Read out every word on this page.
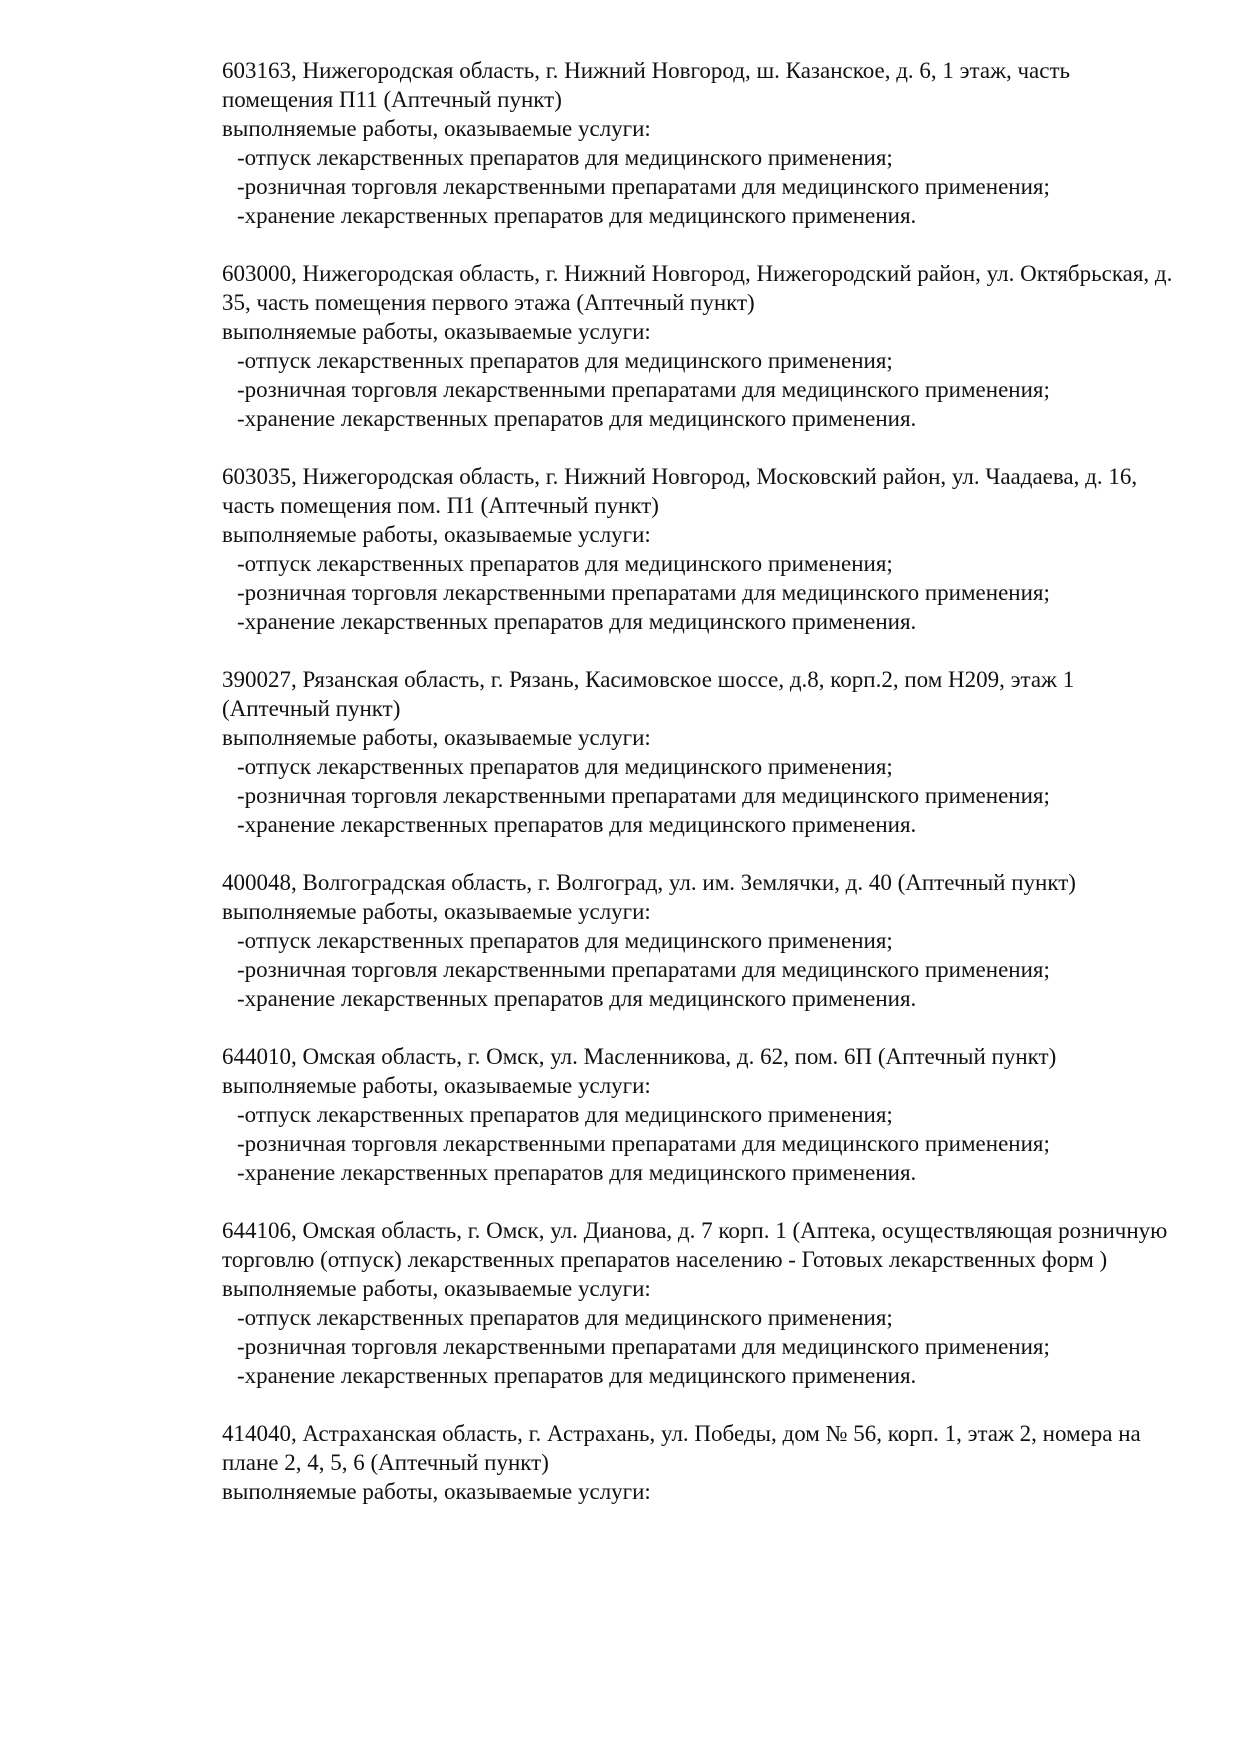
603163, Нижегородская область, г. Нижний Новгород, ш. Казанское, д. 6, 1 этаж, часть помещения П11 (Аптечный пункт)
выполняемые работы, оказываемые услуги:
-отпуск лекарственных препаратов для медицинского применения;
-розничная торговля лекарственными препаратами для медицинского применения;
-хранение лекарственных препаратов для медицинского применения.
603000, Нижегородская область, г. Нижний Новгород, Нижегородский район, ул. Октябрьская, д. 35, часть помещения первого этажа (Аптечный пункт)
выполняемые работы, оказываемые услуги:
-отпуск лекарственных препаратов для медицинского применения;
-розничная торговля лекарственными препаратами для медицинского применения;
-хранение лекарственных препаратов для медицинского применения.
603035, Нижегородская область, г. Нижний Новгород, Московский район, ул. Чаадаева, д. 16, часть помещения пом. П1 (Аптечный пункт)
выполняемые работы, оказываемые услуги:
-отпуск лекарственных препаратов для медицинского применения;
-розничная торговля лекарственными препаратами для медицинского применения;
-хранение лекарственных препаратов для медицинского применения.
390027, Рязанская область, г. Рязань, Касимовское шоссе, д.8, корп.2, пом Н209, этаж 1 (Аптечный пункт)
выполняемые работы, оказываемые услуги:
-отпуск лекарственных препаратов для медицинского применения;
-розничная торговля лекарственными препаратами для медицинского применения;
-хранение лекарственных препаратов для медицинского применения.
400048, Волгоградская область, г. Волгоград, ул. им. Землячки, д. 40 (Аптечный пункт)
выполняемые работы, оказываемые услуги:
-отпуск лекарственных препаратов для медицинского применения;
-розничная торговля лекарственными препаратами для медицинского применения;
-хранение лекарственных препаратов для медицинского применения.
644010, Омская область, г. Омск, ул. Масленникова, д. 62, пом. 6П (Аптечный пункт)
выполняемые работы, оказываемые услуги:
-отпуск лекарственных препаратов для медицинского применения;
-розничная торговля лекарственными препаратами для медицинского применения;
-хранение лекарственных препаратов для медицинского применения.
644106, Омская область, г. Омск, ул. Дианова, д. 7 корп. 1 (Аптека, осуществляющая розничную торговлю (отпуск) лекарственных препаратов населению - Готовых лекарственных форм )
выполняемые работы, оказываемые услуги:
-отпуск лекарственных препаратов для медицинского применения;
-розничная торговля лекарственными препаратами для медицинского применения;
-хранение лекарственных препаратов для медицинского применения.
414040, Астраханская область, г. Астрахань, ул. Победы, дом № 56, корп. 1, этаж 2, номера на плане 2, 4, 5, 6 (Аптечный пункт)
выполняемые работы, оказываемые услуги:
